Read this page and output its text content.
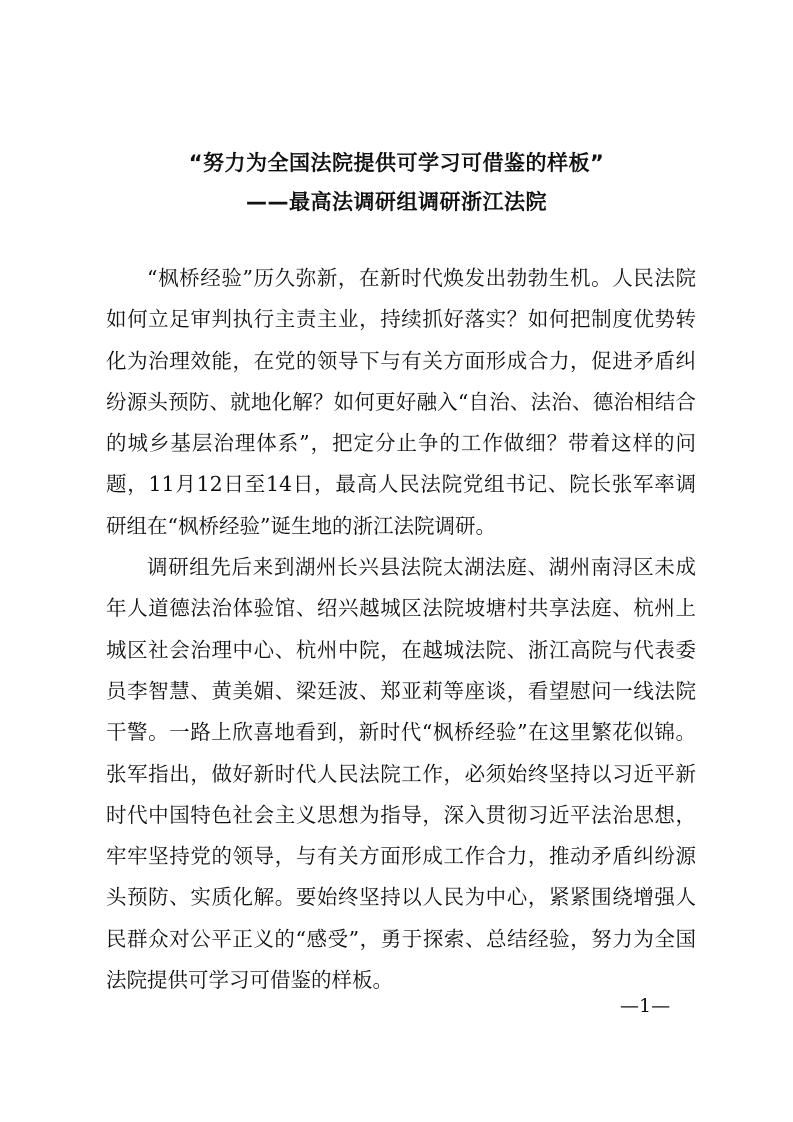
“努力为全国法院提供可学习可借鉴的样板”
——最高法调研组调研浙江法院

“枫桥经验”历久弥新，在新时代焕发出勃勃生机。人民法院如何立足审判执行主责主业，持续抓好落实？如何把制度优势转化为治理效能，在党的领导下与有关方面形成合力，促进矛盾纠纷源头预防、就地化解？如何更好融入“自治、法治、德治相结合的城乡基层治理体系”，把定分止争的工作做细？带着这样的问题，11月12日至14日，最高人民法院党组书记、院长张军率调研组在“枫桥经验”诞生地的浙江法院调研。

调研组先后来到湖州长兴县法院太湖法庭、湖州南浔区未成年人道德法治体验馆、绍兴越城区法院坡塘村共享法庭、杭州上城区社会治理中心、杭州中院，在越城法院、浙江高院与代表委员李智慧、黄美媚、梁廷波、郑亚莉等座谈，看望慰问一线法院干警。一路上欣喜地看到，新时代“枫桥经验”在这里繁花似锦。张军指出，做好新时代人民法院工作，必须始终坚持以习近平新时代中国特色社会主义思想为指导，深入贯彻习近平法治思想，牢牢坚持党的领导，与有关方面形成工作合力，推动矛盾纠纷源头预防、实质化解。要始终坚持以人民为中心，紧紧围绕增强人民群众对公平正义的“感受”，勇于探索、总结经验，努力为全国法院提供可学习可借鉴的样板。

—1—
